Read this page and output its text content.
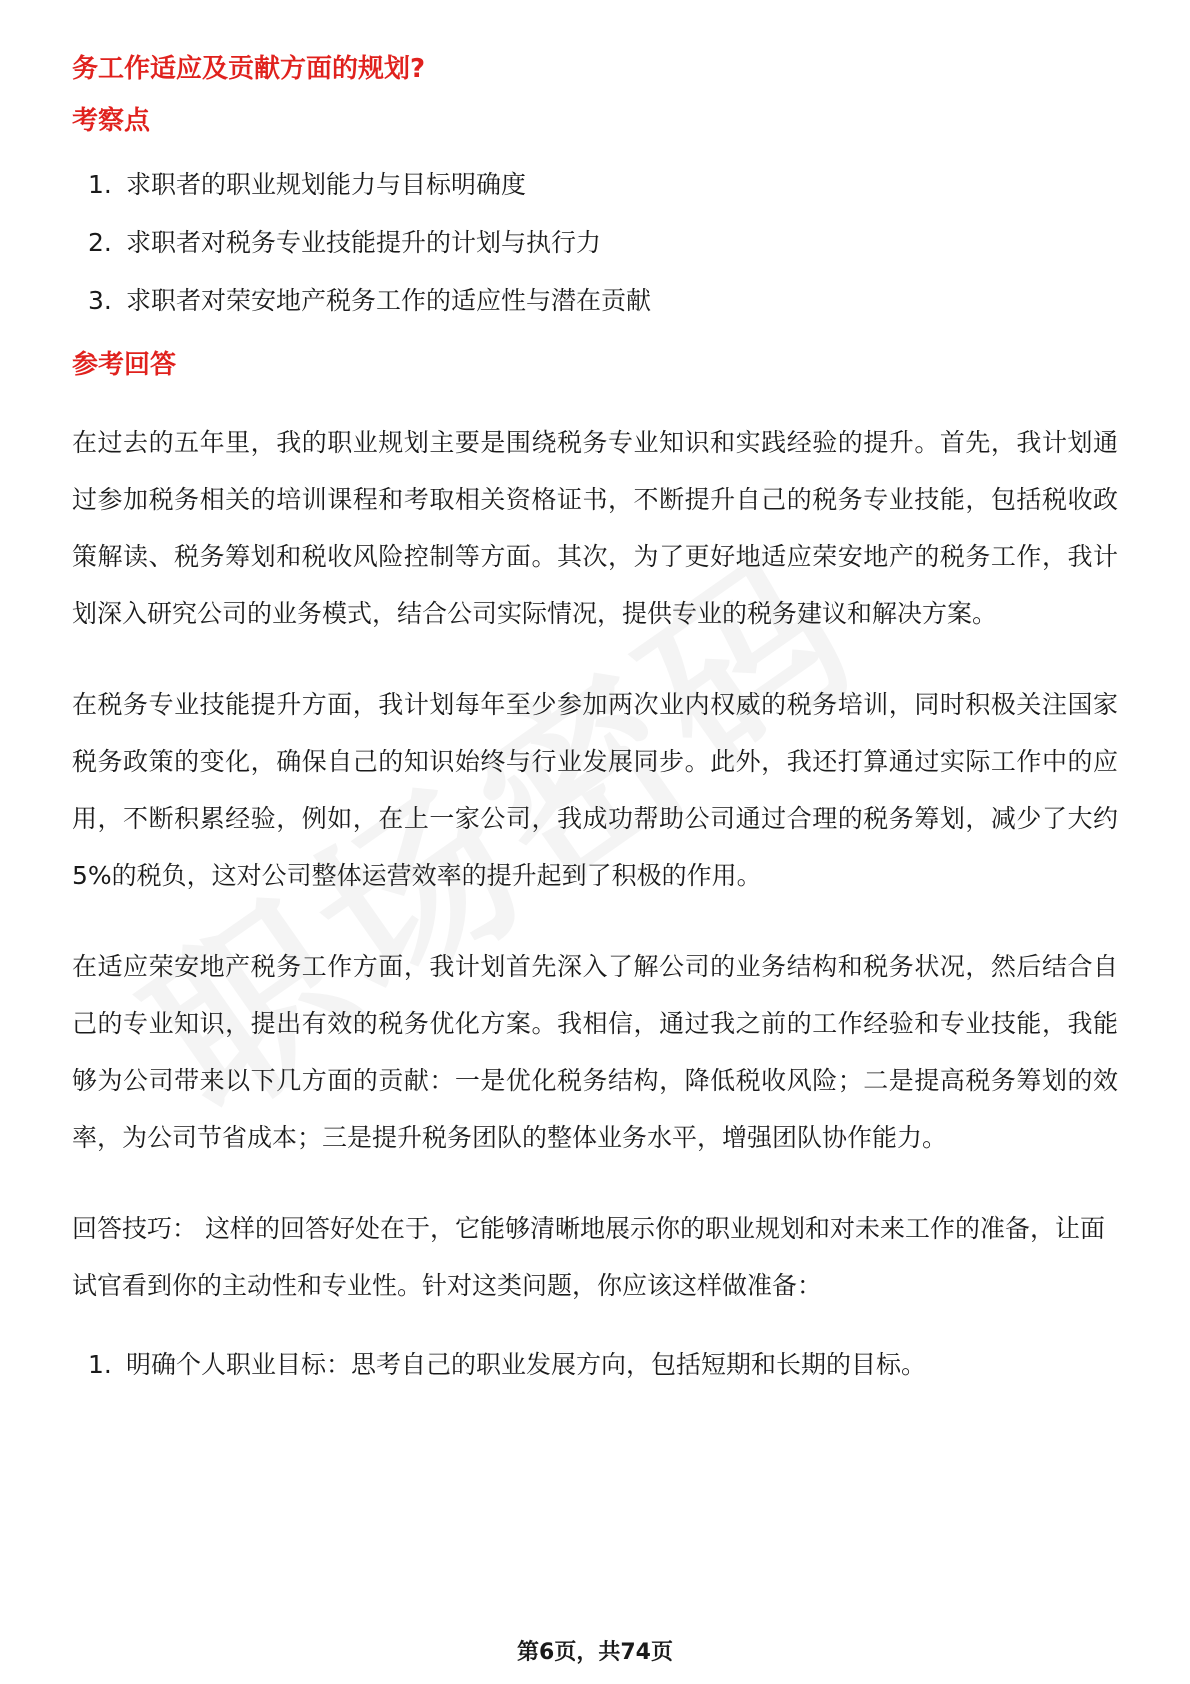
务工作适应及贡献方面的规划?
考察点
1. 求职者的职业规划能力与目标明确度
2. 求职者对税务专业技能提升的计划与执行力
3. 求职者对荣安地产税务工作的适应性与潜在贡献
参考回答

在过去的五年里，我的职业规划主要是围绕税务专业知识和实践经验的提升。首先，我计划通过参加税务相关的培训课程和考取相关资格证书，不断提升自己的税务专业技能，包括税收政策解读、税务筹划和税收风险控制等方面。其次，为了更好地适应荣安地产的税务工作，我计划深入研究公司的业务模式，结合公司实际情况，提供专业的税务建议和解决方案。

在税务专业技能提升方面，我计划每年至少参加两次业内权威的税务培训，同时积极关注国家税务政策的变化，确保自己的知识始终与行业发展同步。此外，我还打算通过实际工作中的应用，不断积累经验，例如，在上一家公司，我成功帮助公司通过合理的税务筹划，减少了大约5%的税负，这对公司整体运营效率的提升起到了积极的作用。

在适应荣安地产税务工作方面，我计划首先深入了解公司的业务结构和税务状况，然后结合自己的专业知识，提出有效的税务优化方案。我相信，通过我之前的工作经验和专业技能，我能够为公司带来以下几方面的贡献：一是优化税务结构，降低税收风险；二是提高税务筹划的效率，为公司节省成本；三是提升税务团队的整体业务水平，增强团队协作能力。

回答技巧： 这样的回答好处在于，它能够清晰地展示你的职业规划和对未来工作的准备，让面试官看到你的主动性和专业性。针对这类问题，你应该这样做准备：

1. 明确个人职业目标：思考自己的职业发展方向，包括短期和长期的目标。
第6页，共74页
